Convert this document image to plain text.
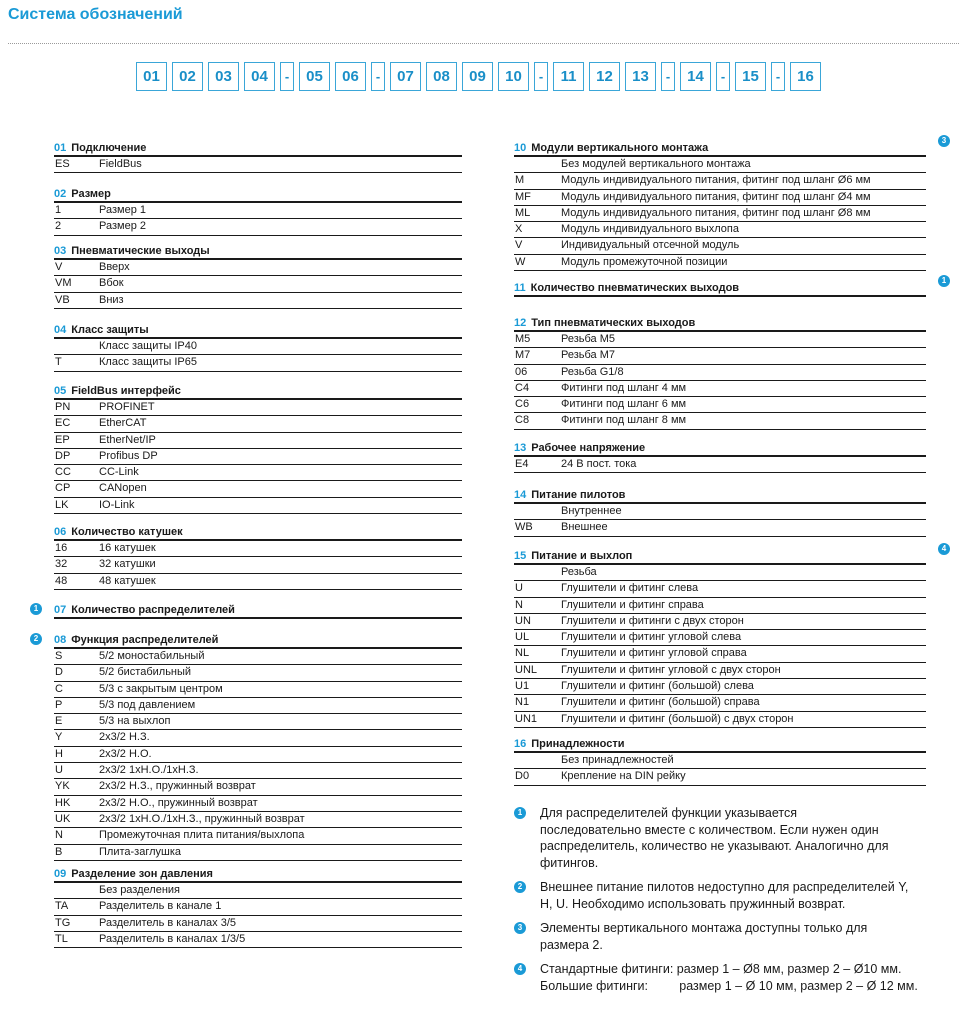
Система обозначений
01	02	03	04	-	05	06	-	07	08	09	10	-	11	12	13	-	14	-	15	-	16
01 Подключение
ES	FieldBus
02 Размер
1	Размер 1
2	Размер 2
03 Пневматические выходы
V	Вверх
VM	Вбок
VB	Вниз
04 Класс защиты
Класс защиты IP40
T	Класс защиты IP65
05 FieldBus интерфейс
PN	PROFINET
EC	EtherCAT
EP	EtherNet/IP
DP	Profibus DP
CC	CC-Link
CP	CANopen
LK	IO-Link
06 Количество катушек
16	16 катушек
32	32 катушки
48	48 катушек
07 Количество распределителей
1
08 Функция распределителей
2
S	5/2 моностабильный
D	5/2 бистабильный
C	5/3 с закрытым центром
P	5/3 под давлением
E	5/3 на выхлоп
Y	2x3/2 Н.З.
H	2x3/2 Н.О.
U	2x3/2 1xН.О./1xН.З.
YK	2x3/2 Н.З., пружинный возврат
HK	2x3/2 Н.О., пружинный возврат
UK	2x3/2 1xН.О./1xН.З., пружинный возврат
N	Промежуточная плита питания/выхлопа
B	Плита-заглушка
09 Разделение зон давления
Без разделения
TA	Разделитель в канале 1
TG	Разделитель в каналах 3/5
TL	Разделитель в каналах 1/3/5
10 Модули вертикального монтажа
3
Без модулей вертикального монтажа
M	Модуль индивидуального питания, фитинг под шланг Ø6 мм
MF	Модуль индивидуального питания, фитинг под шланг Ø4 мм
ML	Модуль индивидуального питания, фитинг под шланг Ø8 мм
X	Модуль индивидуального выхлопа
V	Индивидуальный отсечной модуль
W	Модуль промежуточной позиции
11 Количество пневматических выходов
1
12 Тип пневматических выходов
M5	Резьба M5
M7	Резьба M7
06	Резьба G1/8
C4	Фитинги под шланг 4 мм
C6	Фитинги под шланг 6 мм
C8	Фитинги под шланг 8 мм
13 Рабочее напряжение
E4	24 В пост. тока
14 Питание пилотов
Внутреннее
WB	Внешнее
15 Питание и выхлоп
4
Резьба
U	Глушители и фитинг слева
N	Глушители и фитинг справа
UN	Глушители и фитинги с двух сторон
UL	Глушители и фитинг угловой слева
NL	Глушители и фитинг угловой справа
UNL	Глушители и фитинг угловой с двух сторон
U1	Глушители и фитинг (большой) слева
N1	Глушители и фитинг (большой) справа
UN1	Глушители и фитинг (большой) с двух сторон
16 Принадлежности
Без принадлежностей
D0	Крепление на DIN рейку
1	Для распределителей функции указывается
последовательно вместе с количеством. Если нужен один
распределитель, количество не указывают. Аналогично для
фитингов.
2	Внешнее питание пилотов недоступно для распределителей Y,
H, U. Необходимо использовать пружинный возврат.
3	Элементы вертикального монтажа доступны только для
размера 2.
4	Стандартные фитинги: размер 1 – Ø8 мм, размер 2 – Ø10 мм.
Большие фитинги:         размер 1 – Ø 10 мм, размер 2 – Ø 12 мм.
